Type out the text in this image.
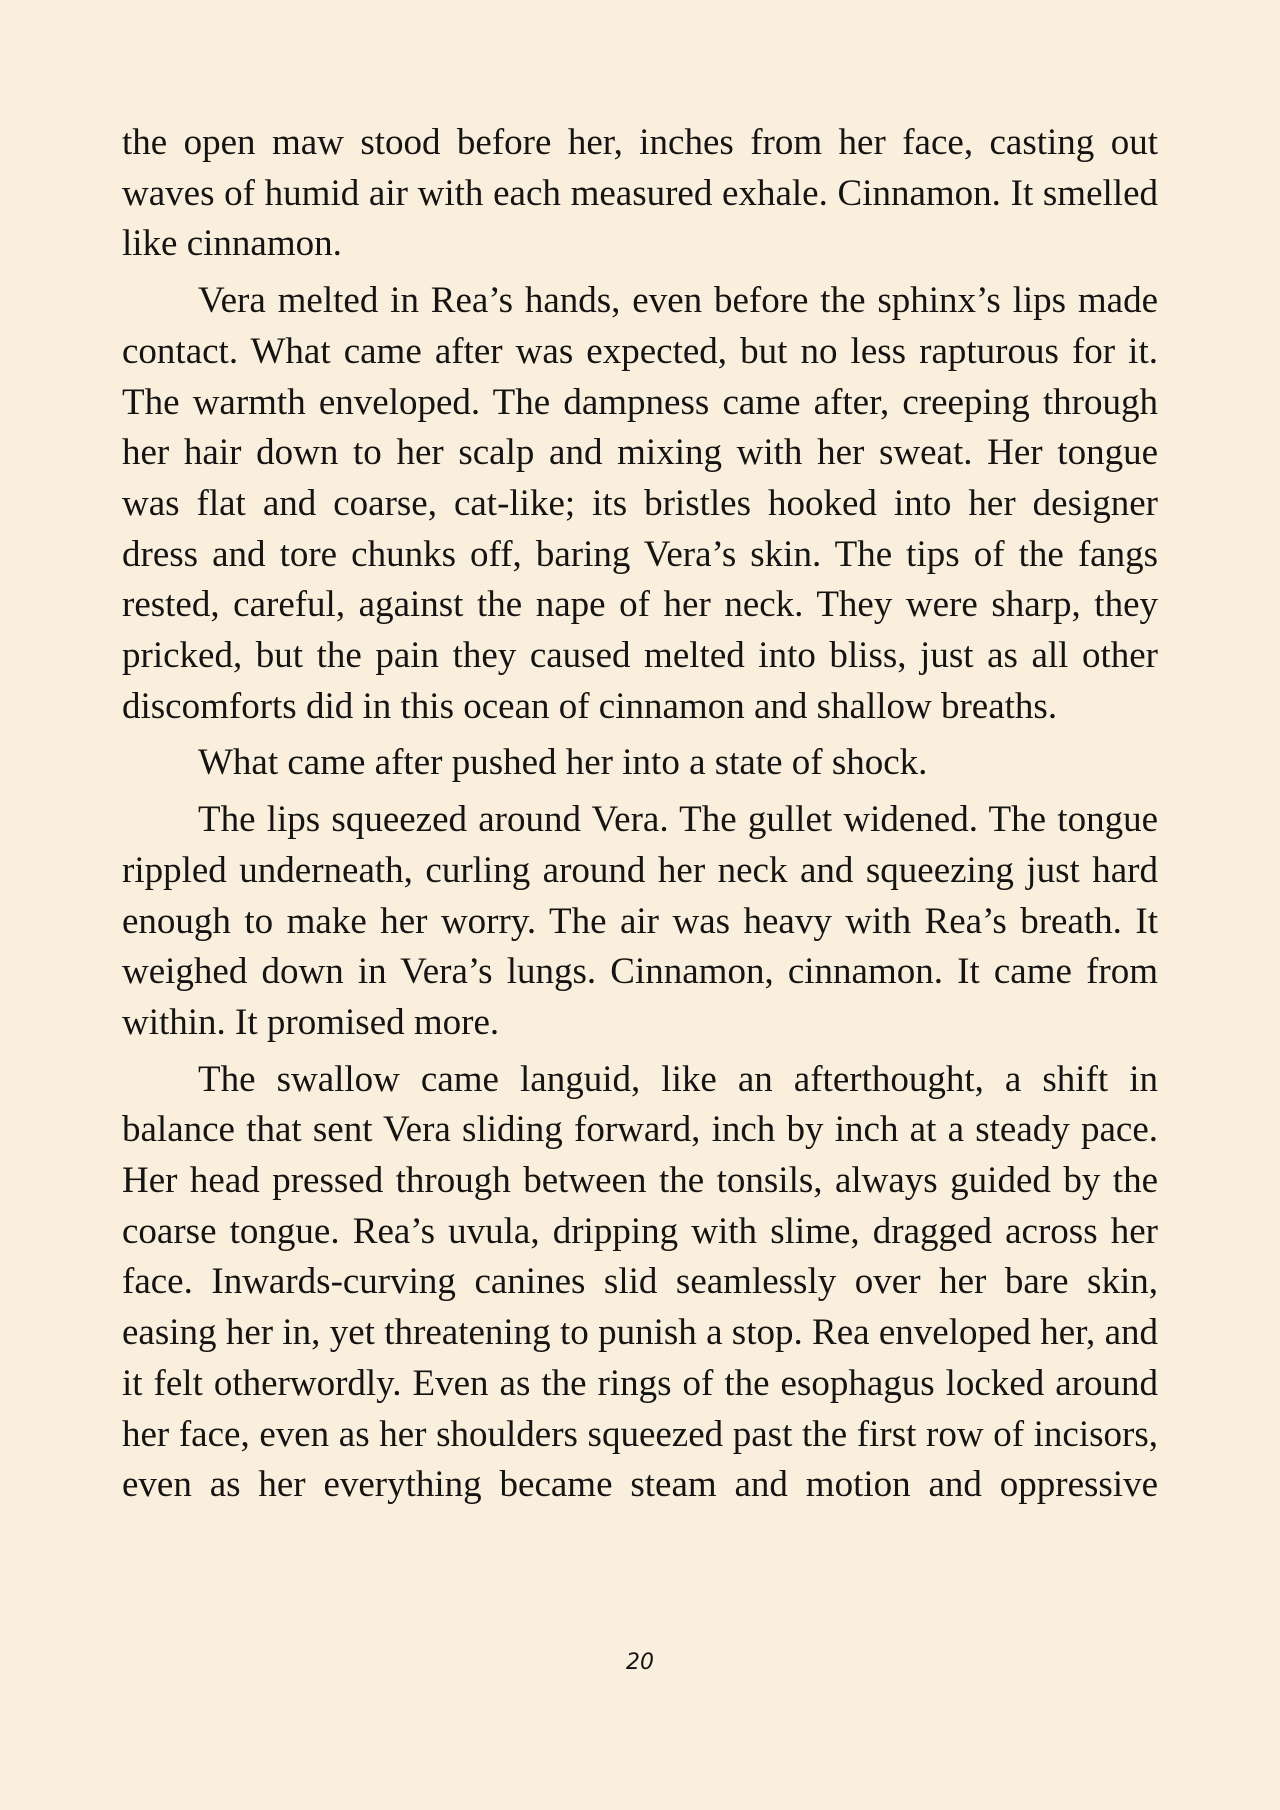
the open maw stood before her, inches from her face, casting out waves of humid air with each measured exhale. Cinnamon. It smelled like cinnamon.

Vera melted in Rea’s hands, even before the sphinx’s lips made contact. What came after was expected, but no less rapturous for it. The warmth enveloped. The dampness came after, creeping through her hair down to her scalp and mixing with her sweat. Her tongue was flat and coarse, cat-like; its bristles hooked into her designer dress and tore chunks off, baring Vera’s skin. The tips of the fangs rested, careful, against the nape of her neck. They were sharp, they pricked, but the pain they caused melted into bliss, just as all other discomforts did in this ocean of cinnamon and shallow breaths.

What came after pushed her into a state of shock.

The lips squeezed around Vera. The gullet widened. The tongue rippled underneath, curling around her neck and squeezing just hard enough to make her worry. The air was heavy with Rea’s breath. It weighed down in Vera’s lungs. Cinnamon, cinnamon. It came from within. It promised more.

The swallow came languid, like an afterthought, a shift in balance that sent Vera sliding forward, inch by inch at a steady pace. Her head pressed through between the tonsils, always guided by the coarse tongue. Rea’s uvula, dripping with slime, dragged across her face. Inwards-curving canines slid seamlessly over her bare skin, easing her in, yet threatening to punish a stop. Rea enveloped her, and it felt otherwordly. Even as the rings of the esophagus locked around her face, even as her shoulders squeezed past the first row of incisors, even as her everything became steam and motion and oppressive

20
